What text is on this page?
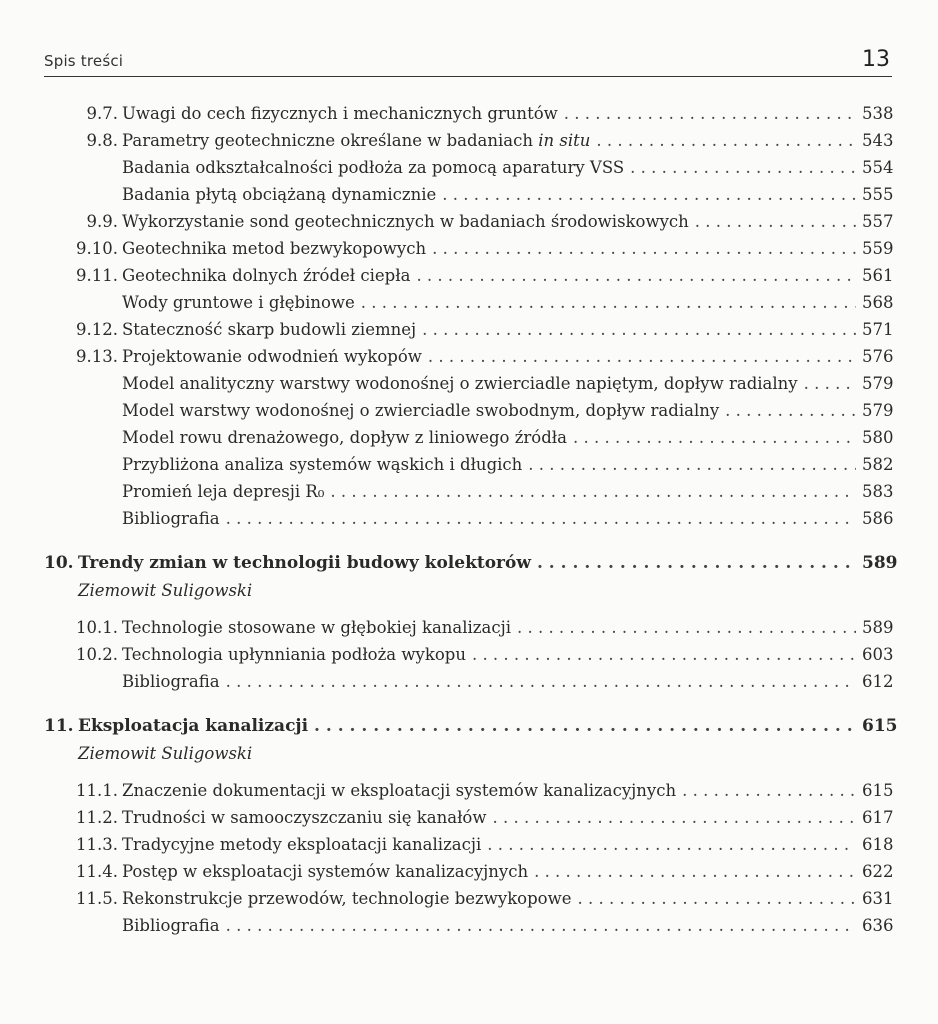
Spis treści	13
9.7. Uwagi do cech fizycznych i mechanicznych gruntów . . .	538
9.8. Parametry geotechniczne określane w badaniach in situ . . .	543
Badania odkształcalności podłoża za pomocą aparatury VSS . . .	554
Badania płytą obciążaną dynamicznie . . .	555
9.9. Wykorzystanie sond geotechnicznych w badaniach środowiskowych . . .	557
9.10. Geotechnika metod bezwykopowych . . .	559
9.11. Geotechnika dolnych źródeł ciepła . . .	561
Wody gruntowe i głębinowe . . .	568
9.12. Stateczność skarp budowli ziemnej . . .	571
9.13. Projektowanie odwodnień wykopów . . .	576
Model analityczny warstwy wodonośnej o zwierciadle napiętym, dopływ radialny . . .	579
Model warstwy wodonośnej o zwierciadle swobodnym, dopływ radialny . . .	579
Model rowu drenażowego, dopływ z liniowego źródła . . .	580
Przybliżona analiza systemów wąskich i długich . . .	582
Promień leja depresji R₀ . . .	583
Bibliografia . . .	586
10. Trendy zmian w technologii budowy kolektorów . . .	589
Ziemowit Suligowski
10.1. Technologie stosowane w głębokiej kanalizacji . . .	589
10.2. Technologia upłynniania podłoża wykopu . . .	603
Bibliografia . . .	612
11. Eksploatacja kanalizacji . . .	615
Ziemowit Suligowski
11.1. Znaczenie dokumentacji w eksploatacji systemów kanalizacyjnych . . .	615
11.2. Trudności w samooczyszczaniu się kanałów . . .	617
11.3. Tradycyjne metody eksploatacji kanalizacji . . .	618
11.4. Postęp w eksploatacji systemów kanalizacyjnych . . .	622
11.5. Rekonstrukcje przewodów, technologie bezwykopowe . . .	631
Bibliografia . . .	636
